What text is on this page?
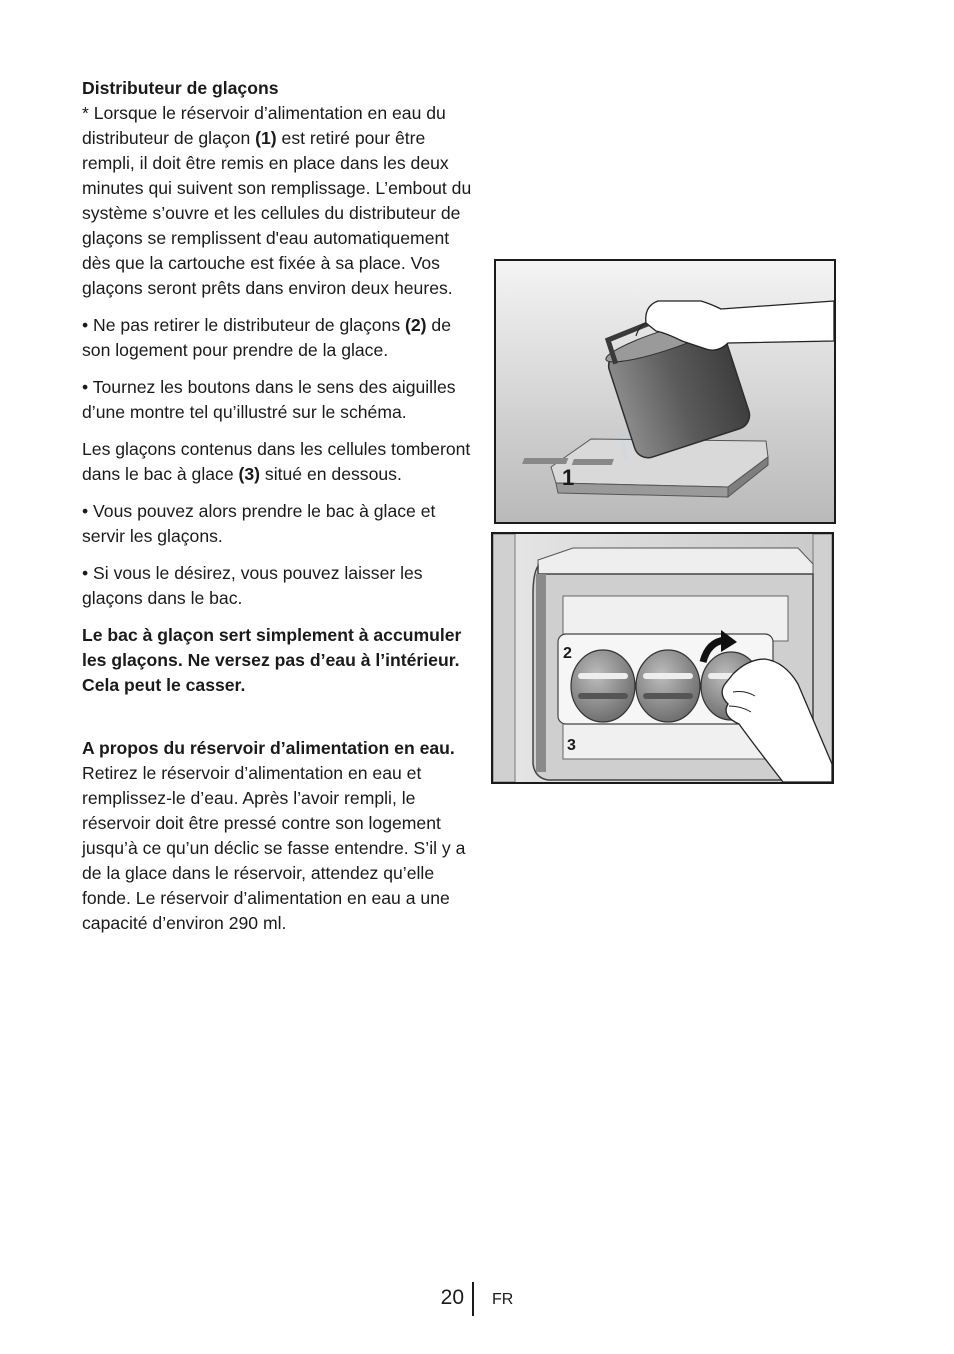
Distributeur de glaçons

* Lorsque le réservoir d’alimentation en eau du distributeur de glaçon (1) est retiré pour être rempli, il doit être remis en place dans les deux minutes qui suivent son remplissage. L’embout du système s’ouvre et les cellules du distributeur de glaçons se remplissent d'eau automatiquement dès que la cartouche est fixée à sa place. Vos glaçons seront prêts dans environ deux heures.

• Ne pas retirer le distributeur de glaçons (2) de son logement pour prendre de la glace.

• Tournez les boutons dans le sens des aiguilles d’une montre tel qu’illustré sur le schéma.

Les glaçons contenus dans les cellules tomberont dans le bac à glace (3) situé en dessous.

• Vous pouvez alors prendre le bac à glace et servir les glaçons.

• Si vous le désirez, vous pouvez laisser les glaçons dans le bac.

Le bac à glaçon sert simplement à accumuler les glaçons. Ne versez pas d’eau à l’intérieur. Cela peut le casser.

A propos du réservoir d’alimentation en eau.

Retirez le réservoir d’alimentation en eau et remplissez-le d’eau. Après l’avoir rempli, le réservoir doit être pressé contre son logement jusqu’à ce qu’un déclic se fasse entendre. S’il y a de la glace dans le réservoir, attendez qu’elle fonde. Le réservoir d’alimentation en eau a une capacité d’environ 290 ml.

1
2
3
20 FR
